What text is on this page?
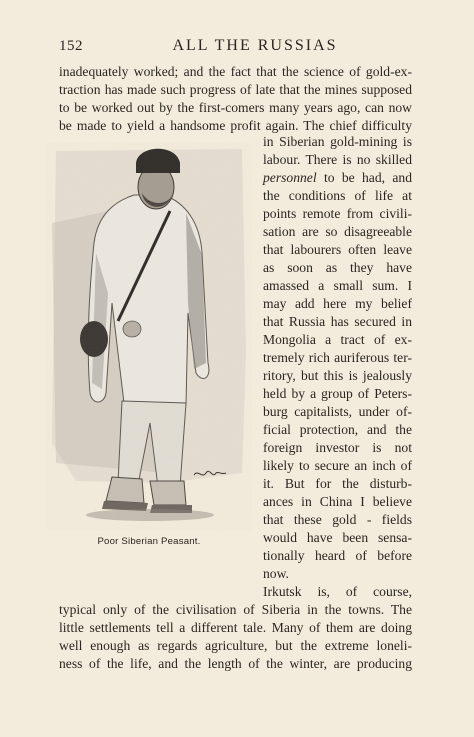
152	ALL THE RUSSIAS
inadequately worked; and the fact that the science of gold-ex-
traction has made such progress of late that the mines supposed
to be worked out by the first-comers many years ago, can now
be made to yield a handsome profit again. The chief difficulty
in Siberian gold-mining is
labour. There is no skilled
personnel to be had, and
the conditions of life at
points remote from civili-
sation are so disagreeable
that labourers often leave
as soon as they have
amassed a small sum. I
may add here my belief
that Russia has secured in
Mongolia a tract of ex-
tremely rich auriferous ter-
ritory, but this is jealously
held by a group of Peters-
burg capitalists, under of-
ficial protection, and the
foreign investor is not
likely to secure an inch of
it. But for the disturb-
ances in China I believe
that these gold - fields
would have been sensa-
tionally heard of before
now.
Poor Siberian Peasant.
Irkutsk is, of course,
typical only of the civilisation of Siberia in the towns. The
little settlements tell a different tale. Many of them are doing
well enough as regards agriculture, but the extreme loneli-
ness of the life, and the length of the winter, are producing
